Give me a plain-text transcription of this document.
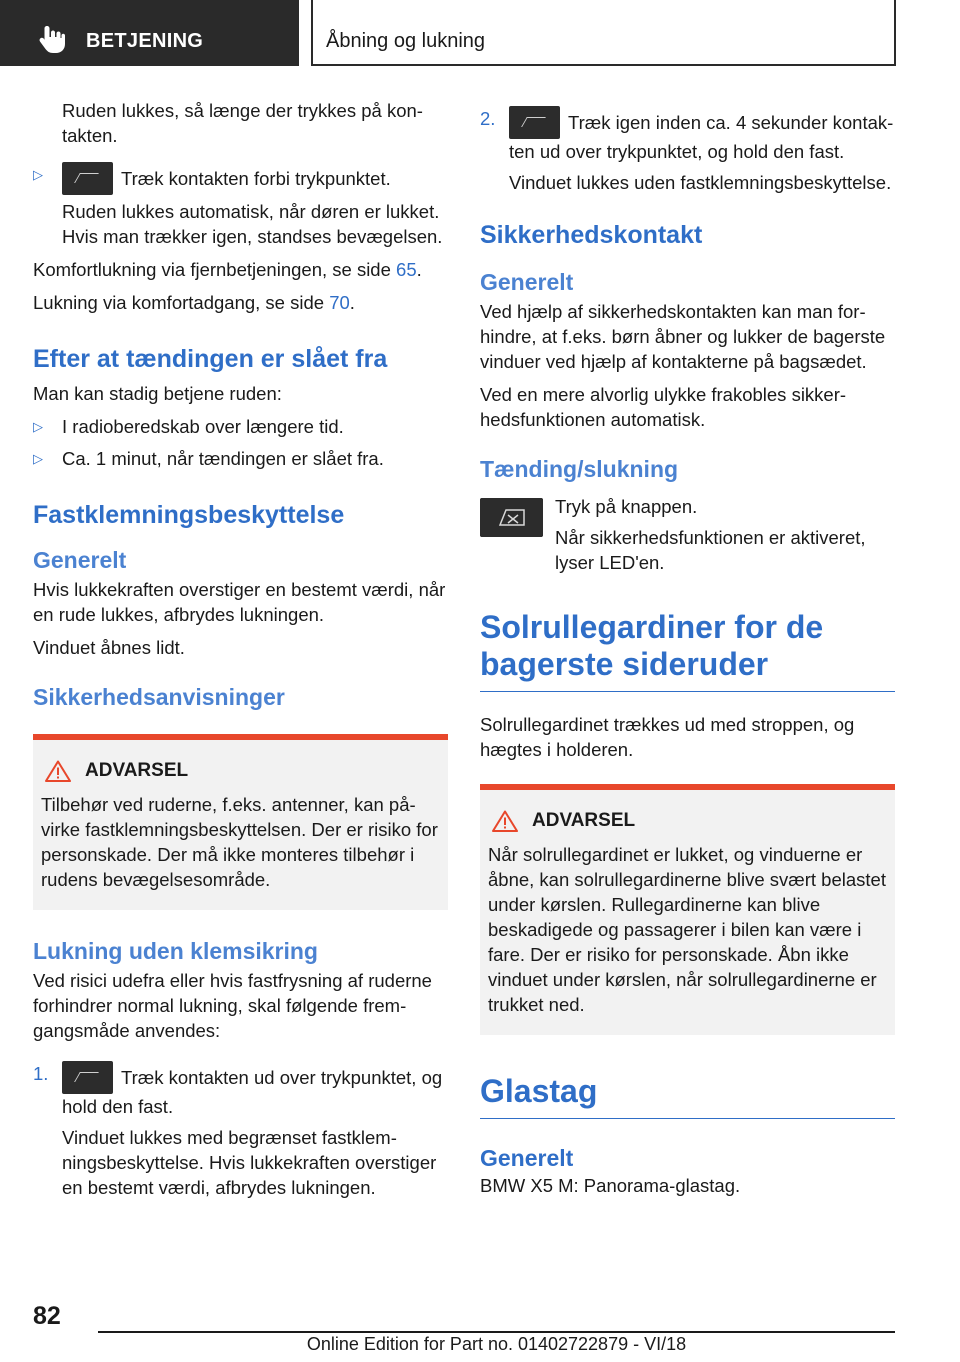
BETJENING	Åbning og lukning

Ruden lukkes, så længe der trykkes på kontakten.

▷	Træk kontakten forbi trykpunktet.

Ruden lukkes automatisk, når døren er lukket. Hvis man trækker igen, standses bevægelsen.

Komfortlukning via fjernbetjeningen, se side 65.

Lukning via komfortadgang, se side 70.

Efter at tændingen er slået fra

Man kan stadig betjene ruden:

▷ I radioberedskab over længere tid.
▷ Ca. 1 minut, når tændingen er slået fra.
Fastklemningsbeskyttelse
Generelt

Hvis lukkekraften overstiger en bestemt værdi, når en rude lukkes, afbrydes lukningen.

Vinduet åbnes lidt.

Sikkerhedsanvisninger
ADVARSEL

Tilbehør ved ruderne, f.eks. antenner, kan påvirke fastklemningsbeskyttelsen. Der er risiko for personskade. Der må ikke monteres tilbehør i rudens bevægelsesområde.

Lukning uden klemsikring

Ved risici udefra eller hvis fastfrysning af ruderne forhindrer normal lukning, skal følgende fremgangsmåde anvendes:

1.	Træk kontakten ud over trykpunktet, og hold den fast.

Vinduet lukkes med begrænset fastklemningsbeskyttelse. Hvis lukkekraften overstiger en bestemt værdi, afbrydes lukningen.

2.	Træk igen inden ca. 4 sekunder kontakten ud over trykpunktet, og hold den fast.

Vinduet lukkes uden fastklemningsbeskyttelse.

Sikkerhedskontakt
Generelt

Ved hjælp af sikkerhedskontakten kan man forhindre, at f.eks. børn åbner og lukker de bagerste vinduer ved hjælp af kontakterne på bagsædet.

Ved en mere alvorlig ulykke frakobles sikkerhedsfunktionen automatisk.

Tænding/slukning

Tryk på knappen.

Når sikkerhedsfunktionen er aktiveret, lyser LED'en.

Solrullegardiner for de bagerste sideruder

Solrullegardinet trækkes ud med stroppen, og hægtes i holderen.

ADVARSEL

Når solrullegardinet er lukket, og vinduerne er åbne, kan solrullegardinerne blive svært belastet under kørslen. Rullegardinerne kan blive beskadigede og passagerer i bilen kan være i fare. Der er risiko for personskade. Åbn ikke vinduet under kørslen, når solrullegardinerne er trukket ned.

Glastag
Generelt

BMW X5 M: Panorama-glastag.

82
Online Edition for Part no. 01402722879 - VI/18
